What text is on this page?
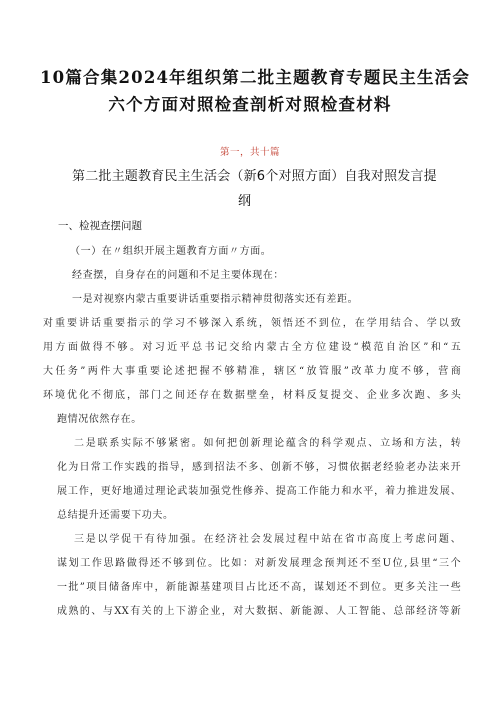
10篇合集2024年组织第二批主题教育专题民主生活会
六个方面对照检查剖析对照检查材料
第一，共十篇
第二批主题教育民主生活会（新6个对照方面）自我对照发言提
纲
一、检视查摆问题
（一）在〃组织开展主题教育方面〃方面。
经查摆，自身存在的问题和不足主要体现在：
一是对视察内蒙古重要讲话重要指示精神贯彻落实还有差距。
对重要讲话重要指示的学习不够深入系统，领悟还不到位，在学用结合、学以致
用方面做得不够。对习近平总书记交给内蒙古全方位建设“模范自治区”和“五
大任务”两件大事重要论述把握不够精准，辖区“放管服”改革力度不够，营商
环境优化不彻底，部门之间还存在数据壁垒，材料反复提交、企业多次跑、多头
跑情况依然存在。
二是联系实际不够紧密。如何把创新理论蕴含的科学观点、立场和方法，转
化为日常工作实践的指导，感到招法不多、创新不够，习惯依据老经验老办法来开
展工作，更好地通过理论武装加强党性修养、提高工作能力和水平，着力推进发展、
总结提升还需要下功夫。
三是以学促干有待加强。在经济社会发展过程中站在省市高度上考虑问题、
谋划工作思路做得还不够到位。比如：对新发展理念预判还不至U位,县里“三个
一批”项目储备库中，新能源基建项目占比还不高，谋划还不到位。更多关注一些
成熟的、与XX有关的上下游企业，对大数据、新能源、人工智能、总部经济等新
